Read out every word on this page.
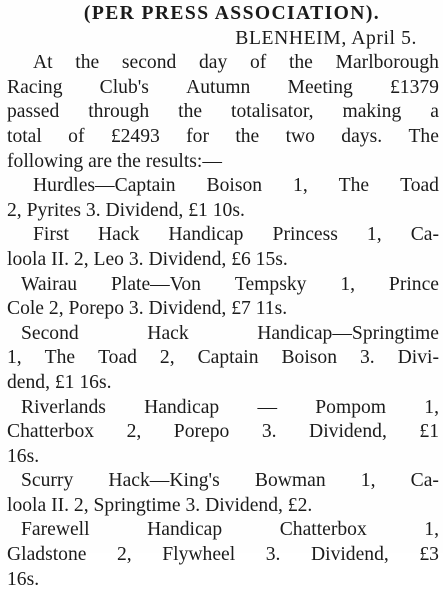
(PER PRESS ASSOCIATION).
BLENHEIM, April 5.
At the second day of the Marlborough
Racing Club's Autumn Meeting £1379
passed through the totalisator, making a
total of £2493 for the two days. The
following are the results:—
Hurdles—Captain Boison 1, The Toad
2, Pyrites 3. Dividend, £1 10s.
First Hack Handicap Princess 1, Ca-
loola II. 2, Leo 3. Dividend, £6 15s.
Wairau Plate—Von Tempsky 1, Prince
Cole 2, Porepo 3. Dividend, £7 11s.
Second	Hack	Handicap—Springtime
1, The Toad 2, Captain Boison 3. Divi-
dend, £1 16s.
Riverlands Handicap — Pompom 1,
Chatterbox 2, Porepo 3. Dividend, £1
16s.
Scurry Hack—King's Bowman 1, Ca-
loola II. 2, Springtime 3. Dividend, £2.
Farewell	Handicap	Chatterbox	1,
Gladstone 2, Flywheel 3. Dividend, £3
16s.
